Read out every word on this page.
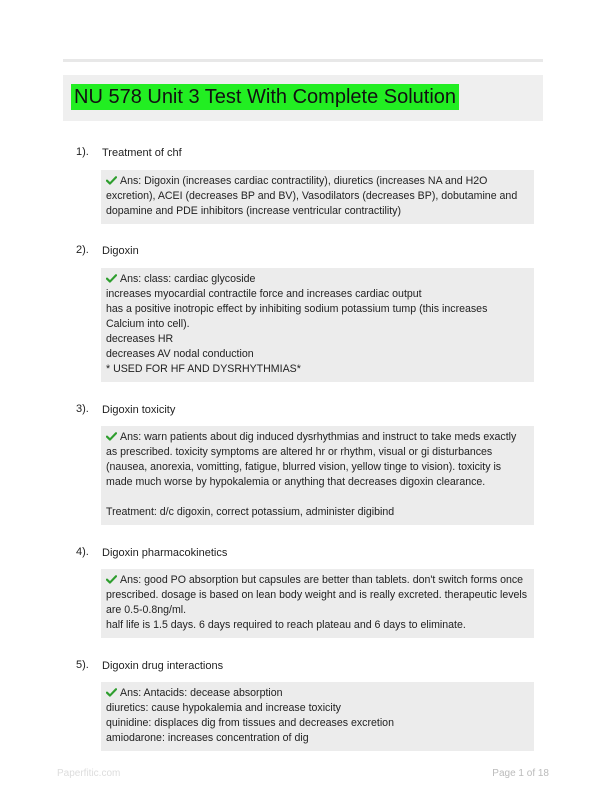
NU 578 Unit 3 Test With Complete Solution
1). Treatment of chf
Ans: Digoxin (increases cardiac contractility), diuretics (increases NA and H2O
excretion), ACEI (decreases BP and BV), Vasodilators (decreases BP), dobutamine and
dopamine and PDE inhibitors (increase ventricular contractility)
2). Digoxin
Ans: class: cardiac glycoside
increases myocardial contractile force and increases cardiac output
has a positive inotropic effect by inhibiting sodium potassium tump (this increases
Calcium into cell).
decreases HR
decreases AV nodal conduction
* USED FOR HF AND DYSRHYTHMIAS*
3). Digoxin toxicity
Ans: warn patients about dig induced dysrhythmias and instruct to take meds exactly
as prescribed. toxicity symptoms are altered hr or rhythm, visual or gi disturbances
(nausea, anorexia, vomitting, fatigue, blurred vision, yellow tinge to vision). toxicity is
made much worse by hypokalemia or anything that decreases digoxin clearance.
Treatment: d/c digoxin, correct potassium, administer digibind
4). Digoxin pharmacokinetics
Ans: good PO absorption but capsules are better than tablets. don't switch forms once
prescribed. dosage is based on lean body weight and is really excreted. therapeutic levels
are 0.5-0.8ng/ml.
half life is 1.5 days. 6 days required to reach plateau and 6 days to eliminate.
5). Digoxin drug interactions
Ans: Antacids: decease absorption
diuretics: cause hypokalemia and increase toxicity
quinidine: displaces dig from tissues and decreases excretion
amiodarone: increases concentration of dig
Paperfitic.com	Page 1 of 18
